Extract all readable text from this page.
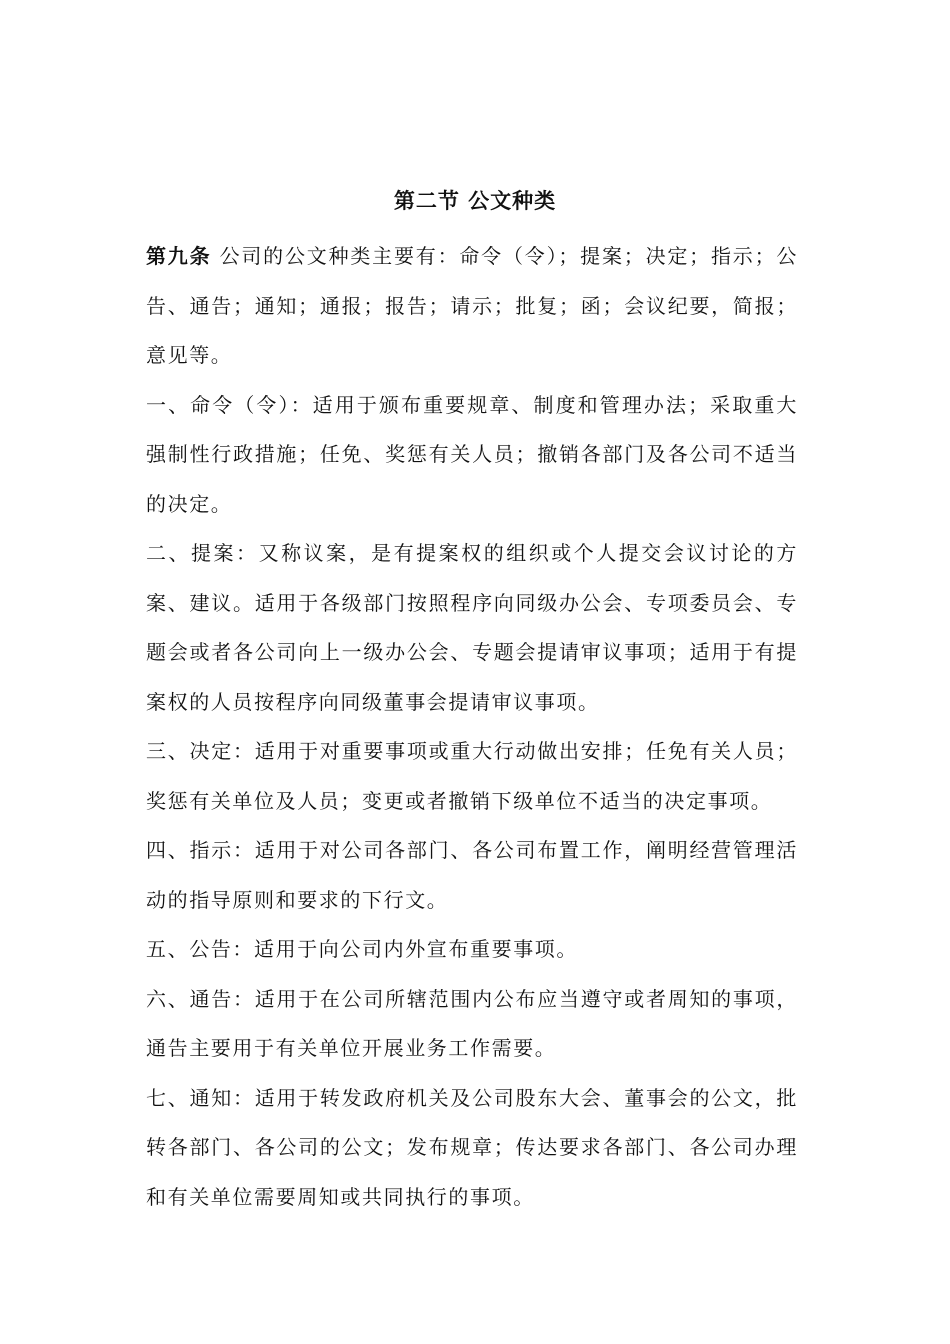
第二节 公文种类

第九条 公司的公文种类主要有：命令（令）；提案；决定；指示；公告、通告；通知；通报；报告；请示；批复；函；会议纪要，简报；意见等。

一、命令（令）：适用于颁布重要规章、制度和管理办法；采取重大强制性行政措施；任免、奖惩有关人员；撤销各部门及各公司不适当的决定。

二、提案：又称议案，是有提案权的组织或个人提交会议讨论的方案、建议。适用于各级部门按照程序向同级办公会、专项委员会、专题会或者各公司向上一级办公会、专题会提请审议事项；适用于有提案权的人员按程序向同级董事会提请审议事项。

三、决定：适用于对重要事项或重大行动做出安排；任免有关人员；奖惩有关单位及人员；变更或者撤销下级单位不适当的决定事项。

四、指示：适用于对公司各部门、各公司布置工作，阐明经营管理活动的指导原则和要求的下行文。

五、公告：适用于向公司内外宣布重要事项。

六、通告：适用于在公司所辖范围内公布应当遵守或者周知的事项，通告主要用于有关单位开展业务工作需要。

七、通知：适用于转发政府机关及公司股东大会、董事会的公文，批转各部门、各公司的公文；发布规章；传达要求各部门、各公司办理和有关单位需要周知或共同执行的事项。
